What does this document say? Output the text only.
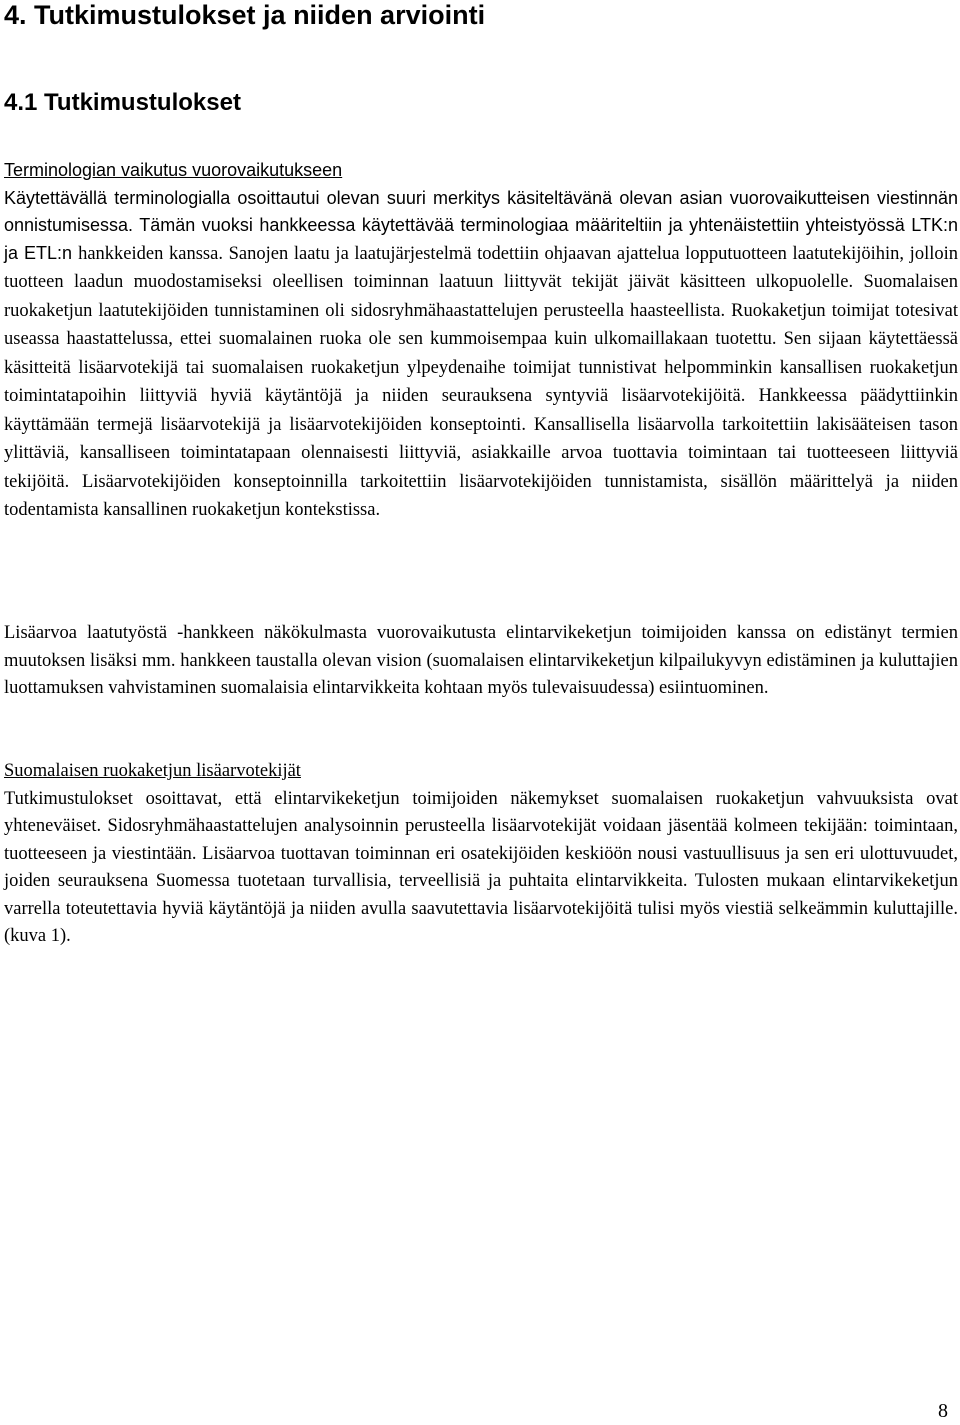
4. Tutkimustulokset ja niiden arviointi
4.1 Tutkimustulokset
Terminologian vaikutus vuorovaikutukseen

Käytettävällä terminologialla osoittautui olevan suuri merkitys käsiteltävänä olevan asian vuorovaikutteisen viestinnän onnistumisessa. Tämän vuoksi hankkeessa käytettävää terminologiaa määriteltiin ja yhtenäistettiin yhteistyössä LTK:n ja ETL:n hankkeiden kanssa. Sanojen laatu ja laatujärjestelmä todettiin ohjaavan ajattelua lopputuotteen laatutekijöihin, jolloin tuotteen laadun muodostamiseksi oleellisen toiminnan laatuun liittyvät tekijät jäivät käsitteen ulkopuolelle. Suomalaisen ruokaketjun laatutekijöiden tunnistaminen oli sidosryhmähaastattelujen perusteella haasteellista. Ruokaketjun toimijat totesivat useassa haastattelussa, ettei suomalainen ruoka ole sen kummoisempaa kuin ulkomaillakaan tuotettu. Sen sijaan käytettäessä käsitteitä lisäarvotekijä tai suomalaisen ruokaketjun ylpeydenaihe toimijat tunnistivat helpomminkin kansallisen ruokaketjun toimintatapoihin liittyviä hyviä käytäntöjä ja niiden seurauksena syntyviä lisäarvotekijöitä. Hankkeessa päädyttiinkin käyttämään termejä lisäarvotekijä ja lisäarvotekijöiden konseptointi. Kansallisella lisäarvolla tarkoitettiin lakisääteisen tason ylittäviä, kansalliseen toimintatapaan olennaisesti liittyviä, asiakkaille arvoa tuottavia toimintaan tai tuotteeseen liittyviä tekijöitä. Lisäarvotekijöiden konseptoinnilla tarkoitettiin lisäarvotekijöiden tunnistamista, sisällön määrittelyä ja niiden todentamista kansallinen ruokaketjun kontekstissa.

Lisäarvoa laatutyöstä -hankkeen näkökulmasta vuorovaikutusta elintarvikeketjun toimijoiden kanssa on edistänyt termien muutoksen lisäksi mm. hankkeen taustalla olevan vision (suomalaisen elintarvikeketjun kilpailukyvyn edistäminen ja kuluttajien luottamuksen vahvistaminen suomalaisia elintarvikkeita kohtaan myös tulevaisuudessa) esiintuominen.

Suomalaisen ruokaketjun lisäarvotekijät

Tutkimustulokset osoittavat, että elintarvikeketjun toimijoiden näkemykset suomalaisen ruokaketjun vahvuuksista ovat yhteneväiset. Sidosryhmähaastattelujen analysoinnin perusteella lisäarvotekijät voidaan jäsentää kolmeen tekijään: toimintaan, tuotteeseen ja viestintään. Lisäarvoa tuottavan toiminnan eri osatekijöiden keskiöön nousi vastuullisuus ja sen eri ulottuvuudet, joiden seurauksena Suomessa tuotetaan turvallisia, terveellisiä ja puhtaita elintarvikkeita. Tulosten mukaan elintarvikeketjun varrella toteutettavia hyviä käytäntöjä ja niiden avulla saavutettavia lisäarvotekijöitä tulisi myös viestiä selkeämmin kuluttajille. (kuva 1).

8
